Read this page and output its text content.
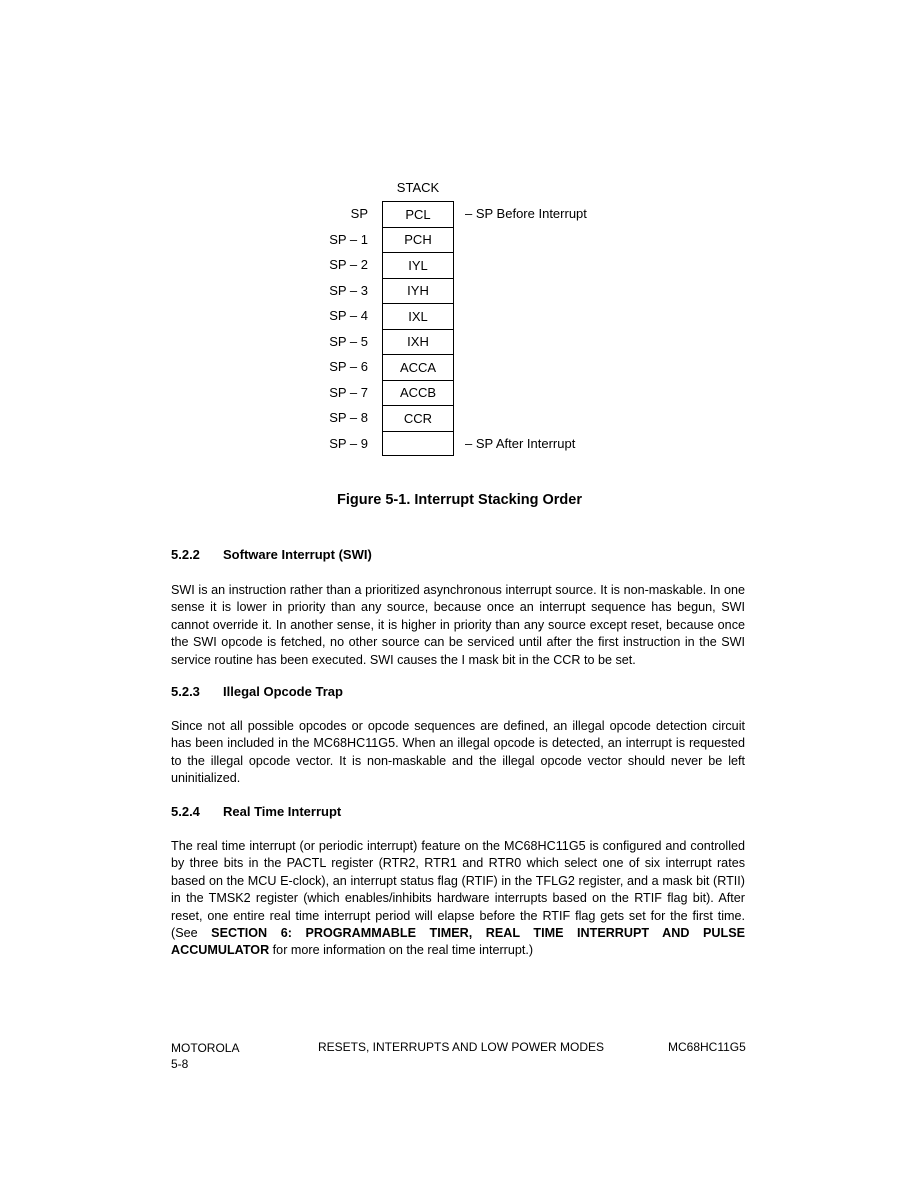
STACK
SP
SP – 1
SP – 2
SP – 3
SP – 4
SP – 5
SP – 6
SP – 7
SP – 8
SP – 9
PCL
PCH
IYL
IYH
IXL
IXH
ACCA
ACCB
CCR
– SP Before Interrupt
– SP After Interrupt
Figure 5-1. Interrupt Stacking Order
5.2.2 Software Interrupt (SWI)
SWI is an instruction rather than a prioritized asynchronous interrupt source. It is non-maskable. In one sense it is lower in priority than any source, because once an interrupt sequence has begun, SWI cannot override it. In another sense, it is higher in priority than any source except reset, because once the SWI opcode is fetched, no other source can be serviced until after the first instruction in the SWI service routine has been executed. SWI causes the I mask bit in the CCR to be set.
5.2.3 Illegal Opcode Trap
Since not all possible opcodes or opcode sequences are defined, an illegal opcode detection circuit has been included in the MC68HC11G5. When an illegal opcode is detected, an interrupt is requested to the illegal opcode vector. It is non-maskable and the illegal opcode vector should never be left uninitialized.
5.2.4 Real Time Interrupt
The real time interrupt (or periodic interrupt) feature on the MC68HC11G5 is configured and controlled by three bits in the PACTL register (RTR2, RTR1 and RTR0 which select one of six interrupt rates based on the MCU E-clock), an interrupt status flag (RTIF) in the TFLG2 register, and a mask bit (RTII) in the TMSK2 register (which enables/inhibits hardware interrupts based on the RTIF flag bit). After reset, one entire real time interrupt period will elapse before the RTIF flag gets set for the first time. (See SECTION 6: PROGRAMMABLE TIMER, REAL TIME INTERRUPT AND PULSE ACCUMULATOR for more information on the real time interrupt.)
MOTOROLA
5-8
RESETS, INTERRUPTS AND LOW POWER MODES	MC68HC11G5
